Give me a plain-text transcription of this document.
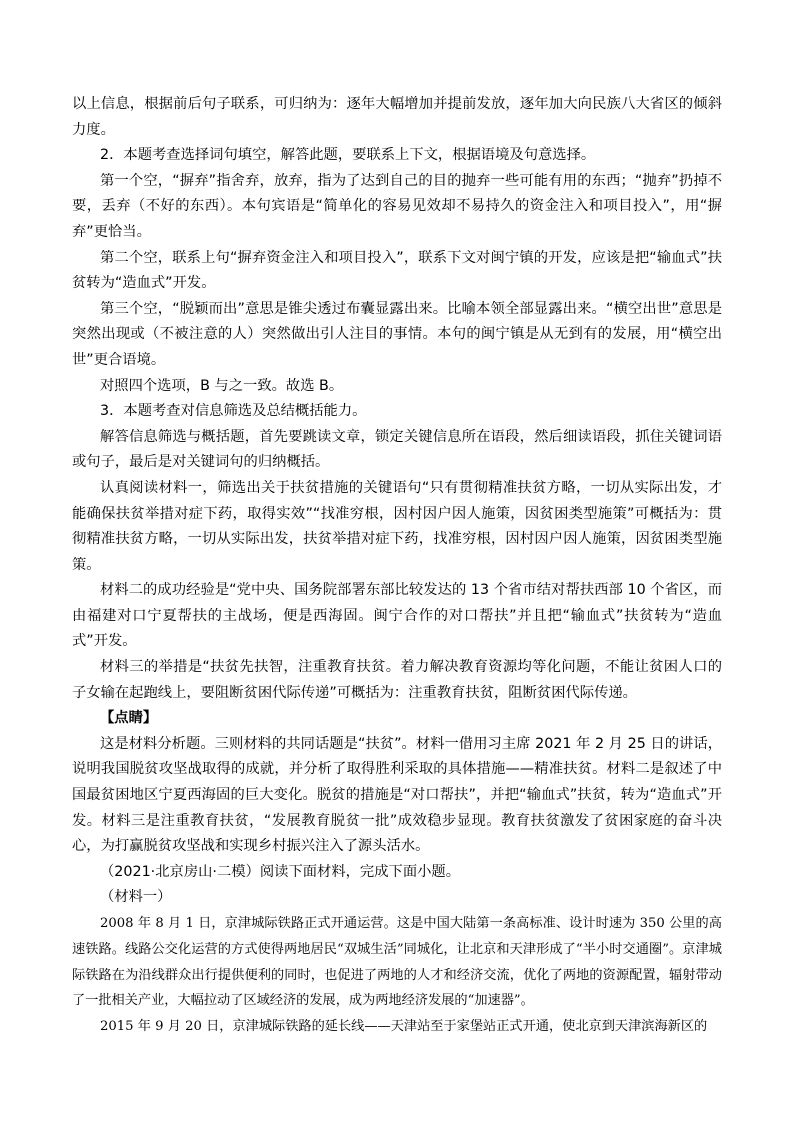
以上信息，根据前后句子联系，可归纳为：逐年大幅增加并提前发放，逐年加大向民族八大省区的倾斜力度。

2．本题考查选择词句填空，解答此题，要联系上下文，根据语境及句意选择。

第一个空，“摒弃”指舍弃，放弃，指为了达到自己的目的抛弃一些可能有用的东西；“抛弃”扔掉不要，丢弃（不好的东西）。本句宾语是“简单化的容易见效却不易持久的资金注入和项目投入”，用“摒弃”更恰当。

第二个空，联系上句“摒弃资金注入和项目投入”，联系下文对闽宁镇的开发，应该是把“输血式”扶贫转为“造血式”开发。

第三个空，“脱颖而出”意思是锥尖透过布囊显露出来。比喻本领全部显露出来。“横空出世”意思是突然出现或（不被注意的人）突然做出引人注目的事情。本句的闽宁镇是从无到有的发展，用“横空出世”更合语境。

对照四个选项，B 与之一致。故选 B。

3．本题考查对信息筛选及总结概括能力。

解答信息筛选与概括题，首先要跳读文章，锁定关键信息所在语段，然后细读语段，抓住关键词语或句子，最后是对关键词句的归纳概括。

认真阅读材料一，筛选出关于扶贫措施的关键语句“只有贯彻精准扶贫方略，一切从实际出发，才能确保扶贫举措对症下药，取得实效”“找准穷根，因村因户因人施策，因贫困类型施策”可概括为：贯彻精准扶贫方略，一切从实际出发，扶贫举措对症下药，找准穷根，因村因户因人施策，因贫困类型施策。

材料二的成功经验是“党中央、国务院部署东部比较发达的 13 个省市结对帮扶西部 10 个省区，而由福建对口宁夏帮扶的主战场，便是西海固。闽宁合作的对口帮扶”并且把“输血式”扶贫转为“造血式”开发。

材料三的举措是“扶贫先扶智，注重教育扶贫。着力解决教育资源均等化问题，不能让贫困人口的子女输在起跑线上，要阻断贫困代际传递”可概括为：注重教育扶贫，阻断贫困代际传递。

【点睛】

这是材料分析题。三则材料的共同话题是“扶贫”。材料一借用习主席 2021 年 2 月 25 日的讲话，说明我国脱贫攻坚战取得的成就，并分析了取得胜利采取的具体措施——精准扶贫。材料二是叙述了中国最贫困地区宁夏西海固的巨大变化。脱贫的措施是“对口帮扶”，并把“输血式”扶贫，转为“造血式”开发。材料三是注重教育扶贫，“发展教育脱贫一批”成效稳步显现。教育扶贫激发了贫困家庭的奋斗决心，为打赢脱贫攻坚战和实现乡村振兴注入了源头活水。

（2021·北京房山·二模）阅读下面材料，完成下面小题。

（材料一）

2008 年 8 月 1 日，京津城际铁路正式开通运营。这是中国大陆第一条高标准、设计时速为 350 公里的高速铁路。线路公交化运营的方式使得两地居民“双城生活”同城化，让北京和天津形成了“半小时交通圈”。京津城际铁路在为沿线群众出行提供便利的同时，也促进了两地的人才和经济交流，优化了两地的资源配置，辐射带动了一批相关产业，大幅拉动了区域经济的发展，成为两地经济发展的“加速器”。

2015 年 9 月 20 日，京津城际铁路的延长线——天津站至于家堡站正式开通，使北京到天津滨海新区的
